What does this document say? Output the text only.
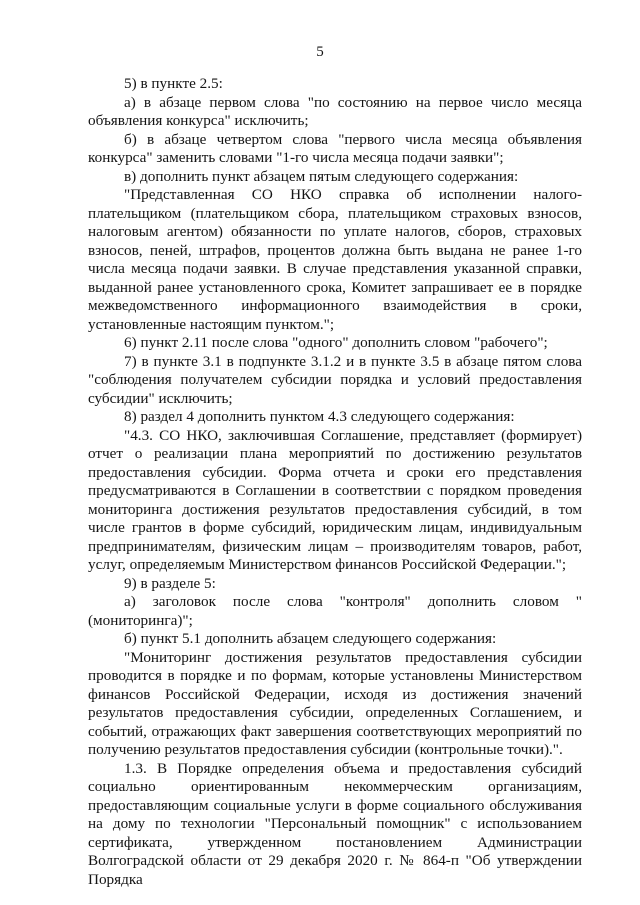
5

5) в пункте 2.5:

а) в абзаце первом слова "по состоянию на первое число месяца объявления конкурса" исключить;

б) в абзаце четвертом слова "первого числа месяца объявления конкурса" заменить словами "1-го числа месяца подачи заявки";

в) дополнить пункт абзацем пятым следующего содержания:

"Представленная СО НКО справка об исполнении налого-плательщиком (плательщиком сбора, плательщиком страховых взносов, налоговым агентом) обязанности по уплате налогов, сборов, страховых взносов, пеней, штрафов, процентов должна быть выдана не ранее 1-го числа месяца подачи заявки. В случае представления указанной справки, выданной ранее установленного срока, Комитет запрашивает ее в порядке межведомственного информационного взаимодействия в сроки, установленные настоящим пунктом.";

6) пункт 2.11 после слова "одного" дополнить словом "рабочего";

7) в пункте 3.1 в подпункте 3.1.2 и в пункте 3.5 в абзаце пятом слова "соблюдения получателем субсидии порядка и условий предоставления субсидии" исключить;

8) раздел 4 дополнить пунктом 4.3 следующего содержания:

"4.3. СО НКО, заключившая Соглашение, представляет (формирует) отчет о реализации плана мероприятий по достижению результатов предоставления субсидии. Форма отчета и сроки его представления предусматриваются в Соглашении в соответствии с порядком проведения мониторинга достижения результатов предоставления субсидий, в том числе грантов в форме субсидий, юридическим лицам, индивидуальным предпринимателям, физическим лицам – производителям товаров, работ, услуг, определяемым Министерством финансов Российской Федерации.";

9) в разделе 5:

а) заголовок после слова "контроля" дополнить словом "(мониторинга)";

б) пункт 5.1 дополнить абзацем следующего содержания:

"Мониторинг достижения результатов предоставления субсидии проводится в порядке и по формам, которые установлены Министерством финансов Российской Федерации, исходя из достижения значений результатов предоставления субсидии, определенных Соглашением, и событий, отражающих факт завершения соответствующих мероприятий по получению результатов предоставления субсидии (контрольные точки).".

1.3. В Порядке определения объема и предоставления субсидий социально ориентированным некоммерческим организациям, предоставляющим социальные услуги в форме социального обслуживания на дому по технологии "Персональный помощник" с использованием сертификата, утвержденном постановлением Администрации Волгоградской области от 29 декабря 2020 г. № 864-п "Об утверждении Порядка
